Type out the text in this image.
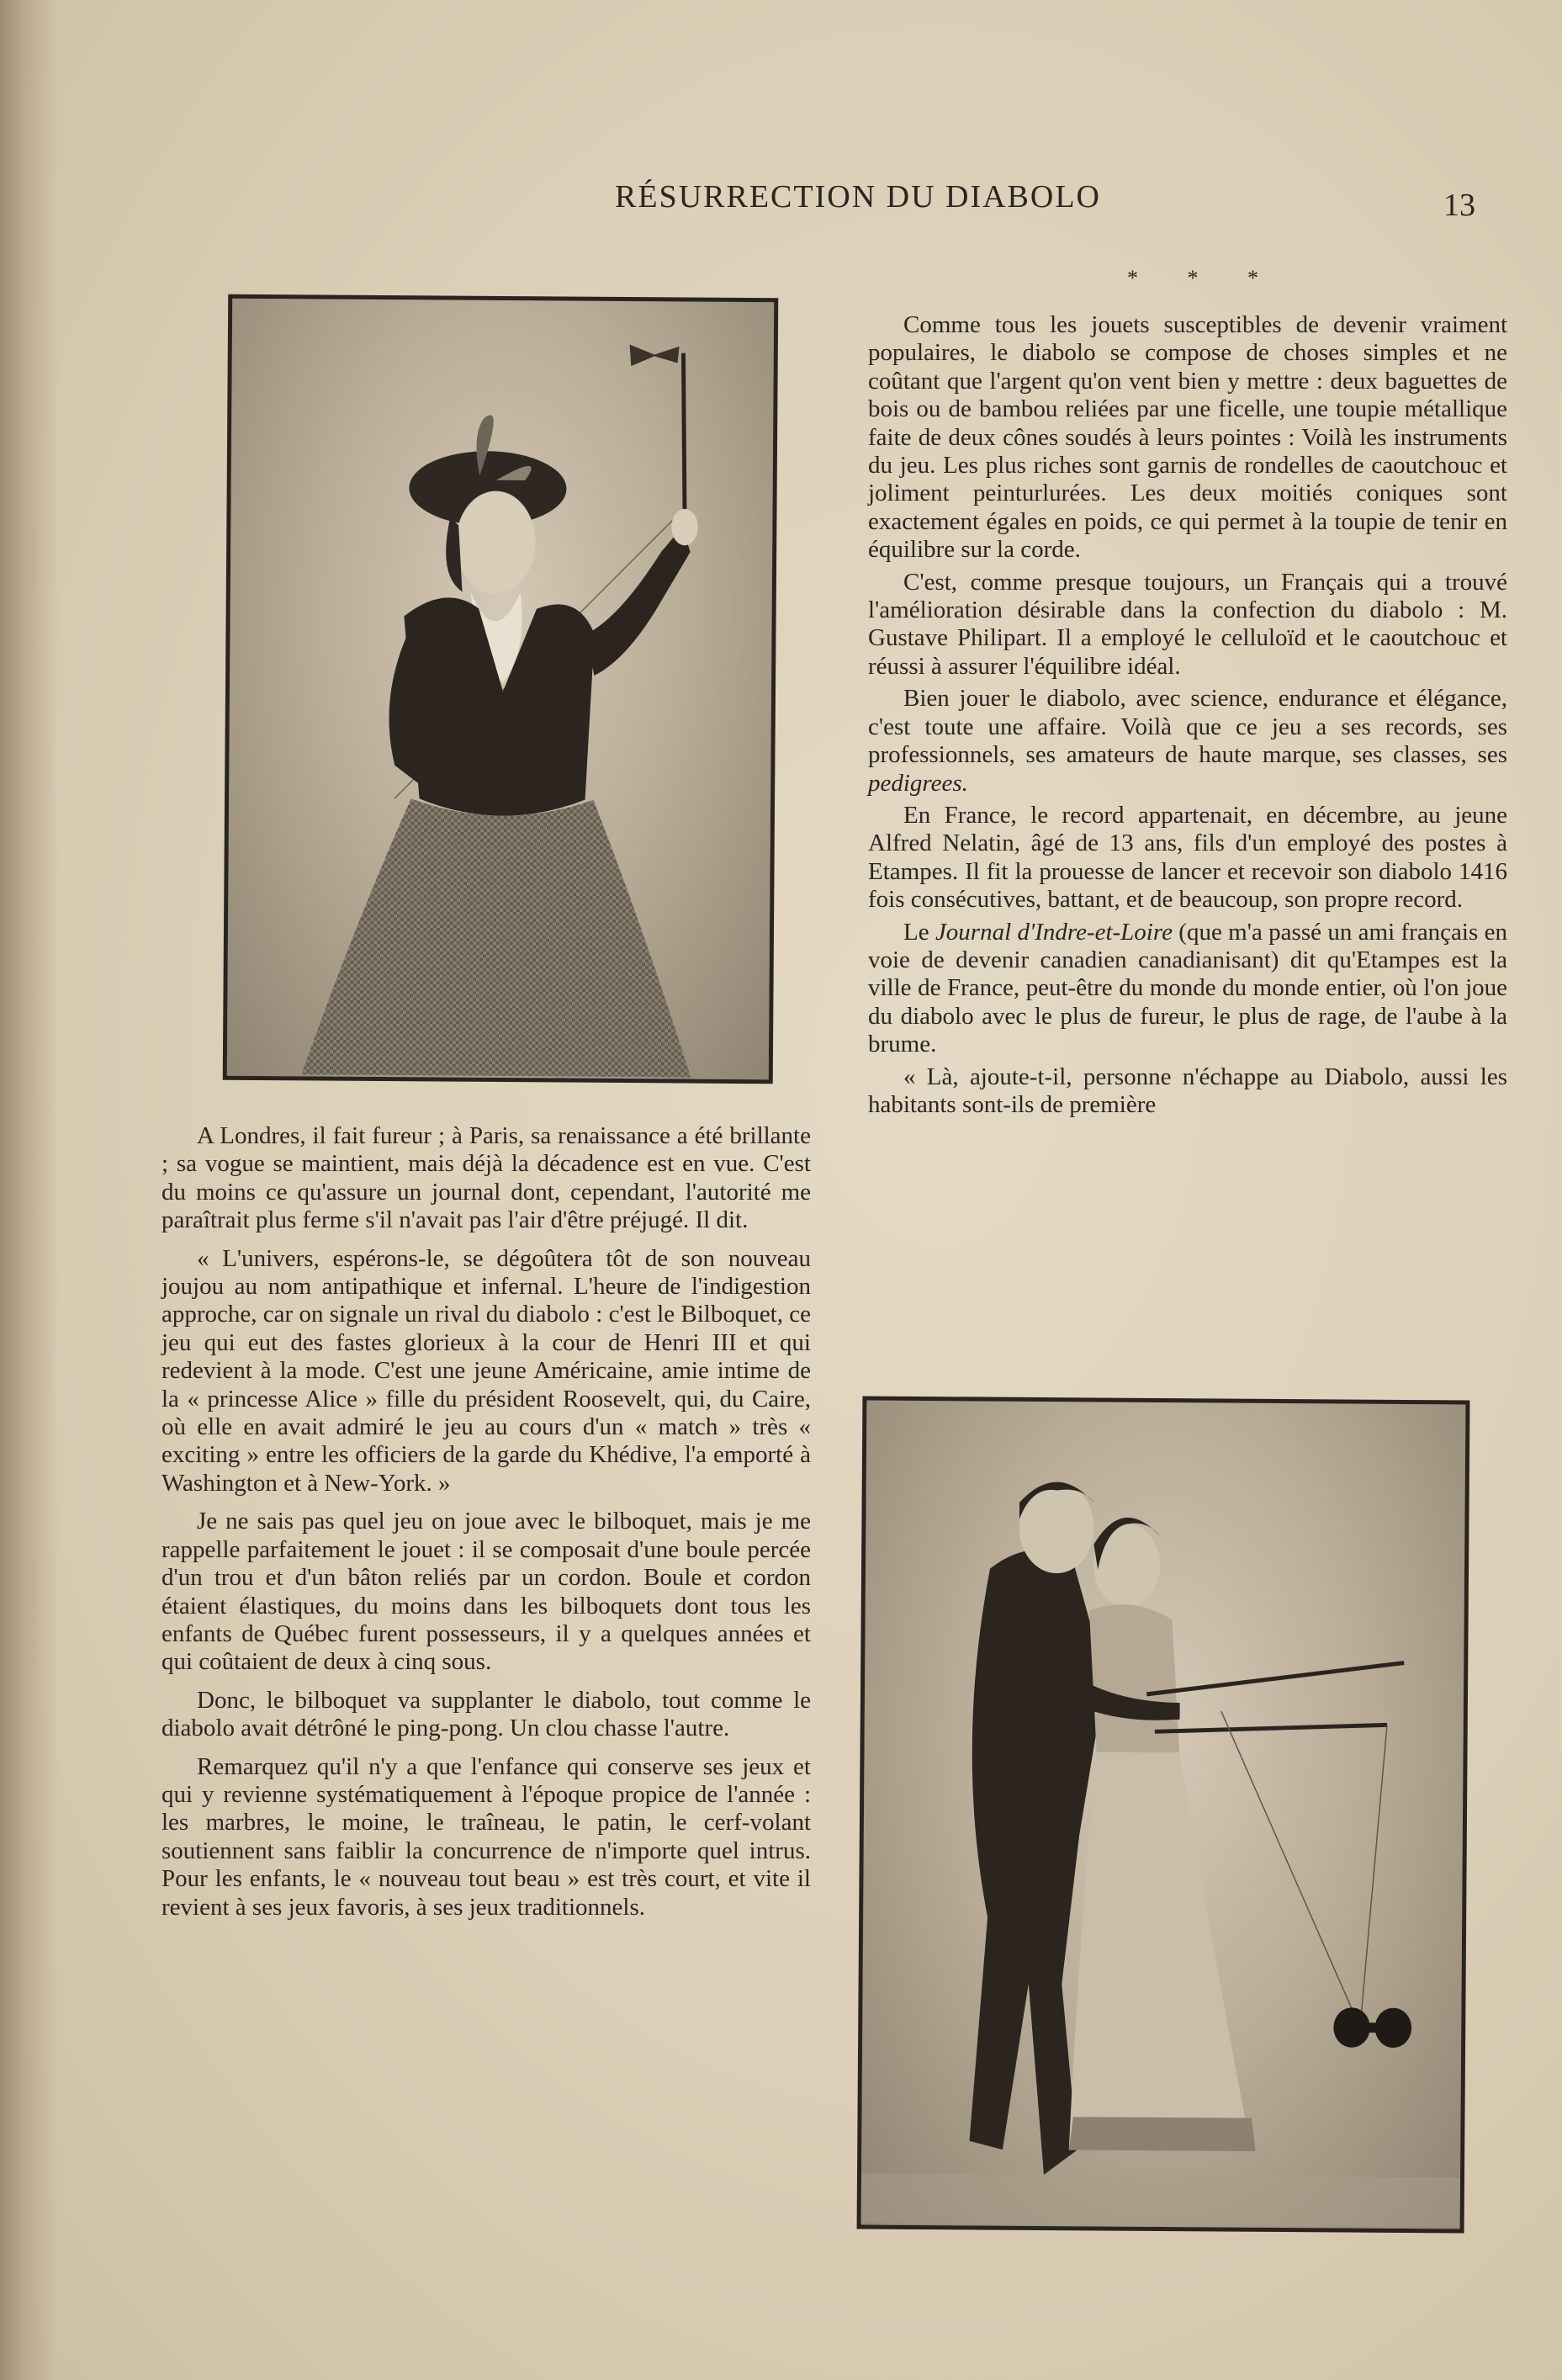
RÉSURRECTION DU DIABOLO	13
* * *

Comme tous les jouets susceptibles de devenir vraiment populaires, le diabolo se compose de choses simples et ne coûtant que l'argent qu'on vent bien y mettre : deux baguettes de bois ou de bambou reliées par une ficelle, une toupie métallique faite de deux cônes soudés à leurs pointes : Voilà les instruments du jeu. Les plus riches sont garnis de rondelles de caoutchouc et joliment peinturlurées. Les deux moitiés coniques sont exactement égales en poids, ce qui permet à la toupie de tenir en équilibre sur la corde.

C'est, comme presque toujours, un Français qui a trouvé l'amélioration désirable dans la confection du diabolo : M. Gustave Philipart. Il a employé le celluloïd et le caoutchouc et réussi à assurer l'équilibre idéal.

Bien jouer le diabolo, avec science, endurance et élégance, c'est toute une affaire. Voilà que ce jeu a ses records, ses professionnels, ses amateurs de haute marque, ses classes, ses pedigrees.

En France, le record appartenait, en décembre, au jeune Alfred Nelatin, âgé de 13 ans, fils d'un employé des postes à Etampes. Il fit la prouesse de lancer et recevoir son diabolo 1416 fois consécutives, battant, et de beaucoup, son propre record.

Le Journal d'Indre-et-Loire (que m'a passé un ami français en voie de devenir canadien canadianisant) dit qu'Etampes est la ville de France, peut-être du monde du monde entier, où l'on joue du diabolo avec le plus de fureur, le plus de rage, de l'aube à la brume.

« Là, ajoute-t-il, personne n'échappe au Diabolo, aussi les habitants sont-ils de première

A Londres, il fait fureur ; à Paris, sa renaissance a été brillante ; sa vogue se maintient, mais déjà la décadence est en vue. C'est du moins ce qu'assure un journal dont, cependant, l'autorité me paraîtrait plus ferme s'il n'avait pas l'air d'être préjugé. Il dit.

« L'univers, espérons-le, se dégoûtera tôt de son nouveau joujou au nom antipathique et infernal. L'heure de l'indigestion approche, car on signale un rival du diabolo : c'est le Bilboquet, ce jeu qui eut des fastes glorieux à la cour de Henri III et qui redevient à la mode. C'est une jeune Américaine, amie intime de la « princesse Alice » fille du président Roosevelt, qui, du Caire, où elle en avait admiré le jeu au cours d'un « match » très « exciting » entre les officiers de la garde du Khédive, l'a emporté à Washington et à New-York. »

Je ne sais pas quel jeu on joue avec le bilboquet, mais je me rappelle parfaitement le jouet : il se composait d'une boule percée d'un trou et d'un bâton reliés par un cordon. Boule et cordon étaient élastiques, du moins dans les bilboquets dont tous les enfants de Québec furent possesseurs, il y a quelques années et qui coûtaient de deux à cinq sous.

Donc, le bilboquet va supplanter le diabolo, tout comme le diabolo avait détrôné le ping-pong. Un clou chasse l'autre.

Remarquez qu'il n'y a que l'enfance qui conserve ses jeux et qui y revienne systématiquement à l'époque propice de l'année : les marbres, le moine, le traîneau, le patin, le cerf-volant soutiennent sans faiblir la concurrence de n'importe quel intrus. Pour les enfants, le « nouveau tout beau » est très court, et vite il revient à ses jeux favoris, à ses jeux traditionnels.
